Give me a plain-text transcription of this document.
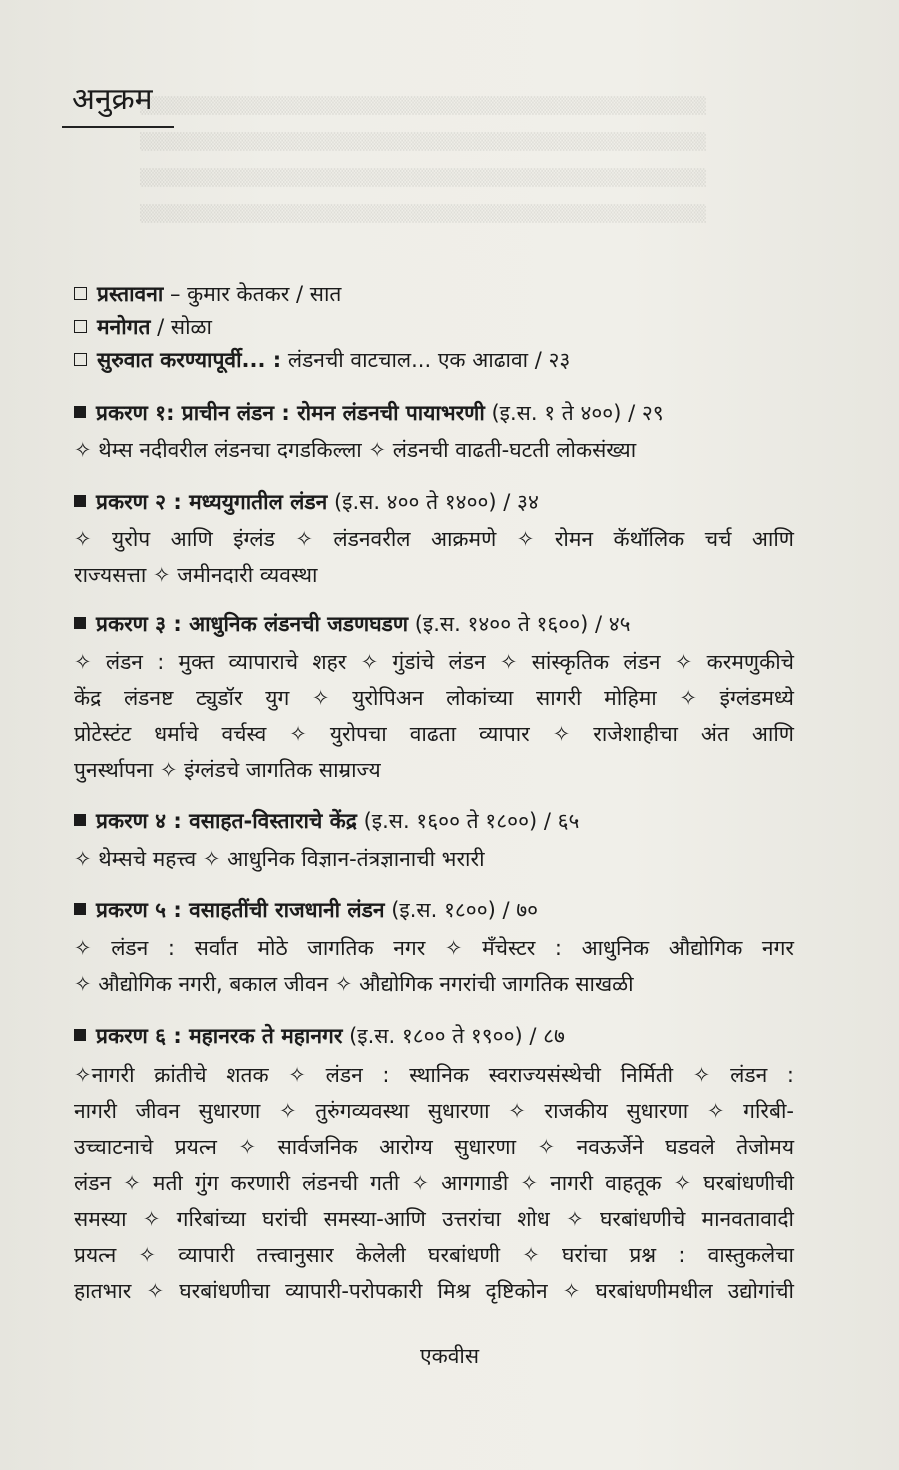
▒▒▒▒▒▒▒▒▒▒▒▒▒▒▒▒▒▒▒▒▒▒▒▒▒▒▒▒▒▒▒▒▒▒▒▒▒▒▒▒▒▒▒▒▒▒
▒▒▒▒▒▒▒▒▒▒▒▒▒▒▒▒▒▒▒▒▒▒▒▒▒▒▒▒▒▒▒▒▒▒▒▒▒▒▒▒▒▒▒▒▒▒
▒▒▒▒▒▒▒▒▒▒▒▒▒▒▒▒▒▒▒▒▒▒▒▒▒▒▒▒▒▒▒▒▒▒▒▒▒▒▒▒▒▒▒▒▒▒
▒▒▒▒▒▒▒▒▒▒▒▒▒▒▒▒▒▒▒▒▒▒▒▒▒▒▒▒▒▒▒▒▒▒▒▒▒▒▒▒▒▒▒▒▒▒
अनुक्रम
प्रस्तावना – कुमार केतकर / सात
मनोगत / सोळा
सुरुवात करण्यापूर्वी... : लंडनची वाटचाल... एक आढावा / २३
प्रकरण १: प्राचीन लंडन : रोमन लंडनची पायाभरणी (इ.स. १ ते ४००) / २९
✧ थेम्स नदीवरील लंडनचा दगडकिल्ला ✧ लंडनची वाढती-घटती लोकसंख्या
प्रकरण २ : मध्ययुगातील लंडन (इ.स. ४०० ते १४००) / ३४
✧ युरोप आणि इंग्लंड ✧ लंडनवरील आक्रमणे ✧ रोमन कॅथॉलिक चर्च आणि
राज्यसत्ता ✧ जमीनदारी व्यवस्था
प्रकरण ३ : आधुनिक लंडनची जडणघडण (इ.स. १४०० ते १६००) / ४५
✧ लंडन : मुक्त व्यापाराचे शहर ✧ गुंडांचे लंडन ✧ सांस्कृतिक लंडन ✧ करमणुकीचे
केंद्र लंडनष्ट ट्युडॉर युग ✧ युरोपिअन लोकांच्या सागरी मोहिमा ✧ इंग्लंडमध्ये
प्रोटेस्टंट धर्माचे वर्चस्व ✧ युरोपचा वाढता व्यापार ✧ राजेशाहीचा अंत आणि
पुनर्स्थापना ✧ इंग्लंडचे जागतिक साम्राज्य
प्रकरण ४ : वसाहत-विस्ताराचे केंद्र (इ.स. १६०० ते १८००) / ६५
✧ थेम्सचे महत्त्व ✧ आधुनिक विज्ञान-तंत्रज्ञानाची भरारी
प्रकरण ५ : वसाहतींची राजधानी लंडन (इ.स. १८००) / ७०
✧ लंडन : सर्वांत मोठे जागतिक नगर ✧ मँचेस्टर : आधुनिक औद्योगिक नगर
✧ औद्योगिक नगरी, बकाल जीवन ✧ औद्योगिक नगरांची जागतिक साखळी
प्रकरण ६ : महानरक ते महानगर (इ.स. १८०० ते १९००) / ८७
✧नागरी क्रांतीचे शतक ✧ लंडन : स्थानिक स्वराज्यसंस्थेची निर्मिती ✧ लंडन :
नागरी जीवन सुधारणा ✧ तुरुंगव्यवस्था सुधारणा ✧ राजकीय सुधारणा ✧ गरिबी-
उच्चाटनाचे प्रयत्न ✧ सार्वजनिक आरोग्य सुधारणा ✧ नवऊर्जेने घडवले तेजोमय
लंडन ✧ मती गुंग करणारी लंडनची गती ✧ आगगाडी ✧ नागरी वाहतूक ✧ घरबांधणीची
समस्या ✧ गरिबांच्या घरांची समस्या-आणि उत्तरांचा शोध ✧ घरबांधणीचे मानवतावादी
प्रयत्न ✧ व्यापारी तत्त्वानुसार केलेली घरबांधणी ✧ घरांचा प्रश्न : वास्तुकलेचा
हातभार ✧ घरबांधणीचा व्यापारी-परोपकारी मिश्र दृष्टिकोन ✧ घरबांधणीमधील उद्योगांची
एकवीस
